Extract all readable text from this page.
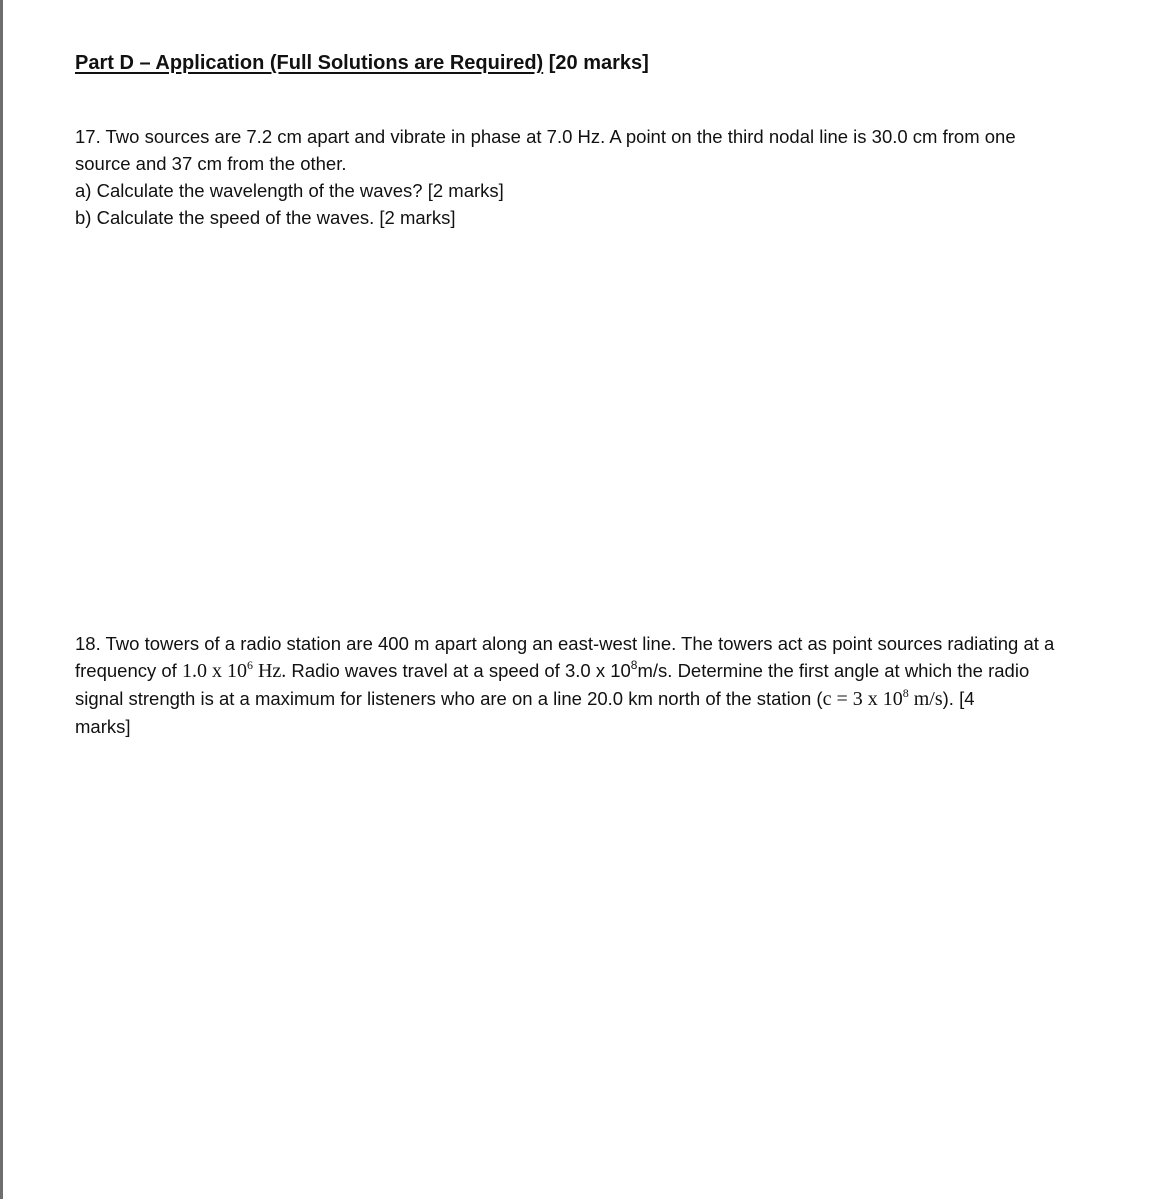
Part D – Application (Full Solutions are Required) [20 marks]
17. Two sources are 7.2 cm apart and vibrate in phase at 7.0 Hz. A point on the third nodal line is 30.0 cm from one
source and 37 cm from the other.
a) Calculate the wavelength of the waves? [2 marks]
b) Calculate the speed of the waves. [2 marks]
18. Two towers of a radio station are 400 m apart along an east-west line. The towers act as point sources radiating at a
frequency of 1.0 x $10^6$ Hz. Radio waves travel at a speed of 3.0 x $10^8m/s$. Determine the first angle at which the radio
signal strength is at a maximum for listeners who are on a line 20.0 km north of the station (c = 3 x $10^8$ m/s). [4
marks]
